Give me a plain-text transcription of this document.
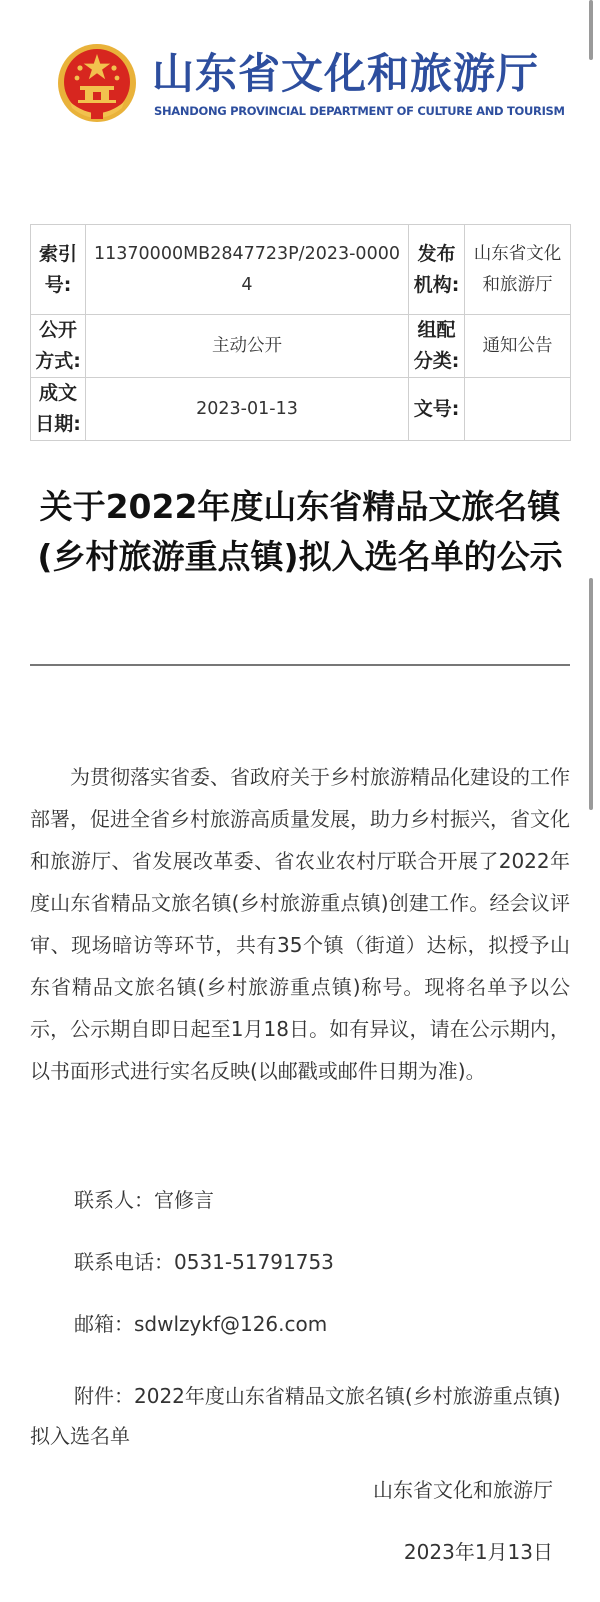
山东省文化和旅游厅
SHANDONG PROVINCIAL DEPARTMENT OF CULTURE AND TOURISM
索引号:	11370000MB2847723P/2023-00004	发布机构:	山东省文化和旅游厅
公开方式:	主动公开	组配分类:	通知公告
成文日期:	2023-01-13	文号:	
关于2022年度山东省精品文旅名镇(乡村旅游重点镇)拟入选名单的公示

为贯彻落实省委、省政府关于乡村旅游精品化建设的工作部署，促进全省乡村旅游高质量发展，助力乡村振兴，省文化和旅游厅、省发展改革委、省农业农村厅联合开展了2022年度山东省精品文旅名镇(乡村旅游重点镇)创建工作。经会议评审、现场暗访等环节，共有35个镇（街道）达标，拟授予山东省精品文旅名镇(乡村旅游重点镇)称号。现将名单予以公示，公示期自即日起至1月18日。如有异议，请在公示期内，以书面形式进行实名反映(以邮戳或邮件日期为准)。

联系人：官修言
联系电话：0531-51791753
邮箱：sdwlzykf@126.com

附件：2022年度山东省精品文旅名镇(乡村旅游重点镇)拟入选名单

山东省文化和旅游厅
2023年1月13日
